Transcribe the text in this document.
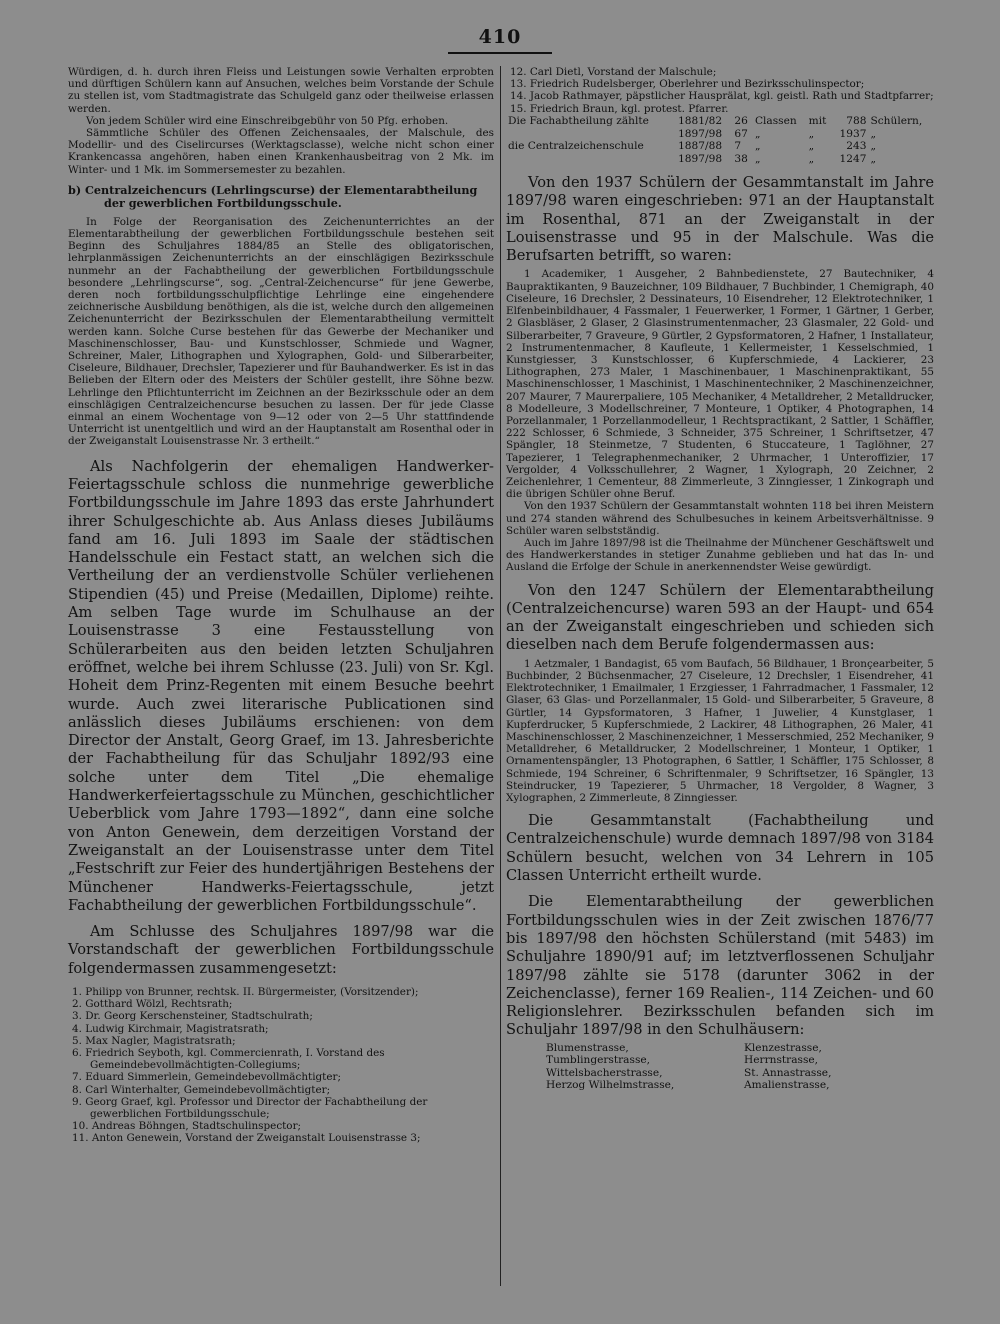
410

Würdigen, d. h. durch ihren Fleiss und Leistungen sowie Verhalten erprobten und dürftigen Schülern kann auf Ansuchen, welches beim Vorstande der Schule zu stellen ist, vom Stadtmagistrate das Schulgeld ganz oder theilweise erlassen werden.

Von jedem Schüler wird eine Einschreibgebühr von 50 Pfg. erhoben.

Sämmtliche Schüler des Offenen Zeichensaales, der Malschule, des Modellir- und des Ciselircurses (Werktagsclasse), welche nicht schon einer Krankencassa angehören, haben einen Krankenhausbeitrag von 2 Mk. im Winter- und 1 Mk. im Sommersemester zu bezahlen.

b) Centralzeichencurs (Lehrlingscurse) der Elementarabtheilung
der gewerblichen Fortbildungsschule.

In Folge der Reorganisation des Zeichenunterrichtes an der Elementarabtheilung der gewerblichen Fortbildungsschule bestehen seit Beginn des Schuljahres 1884/85 an Stelle des obligatorischen, lehrplanmässigen Zeichenunterrichts an der einschlägigen Bezirksschule nunmehr an der Fachabtheilung der gewerblichen Fortbildungsschule besondere „Lehrlingscurse“, sog. „Central-Zeichencurse“ für jene Gewerbe, deren noch fortbildungsschulpflichtige Lehrlinge eine eingehendere zeichnerische Ausbildung benöthigen, als die ist, welche durch den allgemeinen Zeichenunterricht der Bezirksschulen der Elementarabtheilung vermittelt werden kann. Solche Curse bestehen für das Gewerbe der Mechaniker und Maschinenschlosser, Bau- und Kunstschlosser, Schmiede und Wagner, Schreiner, Maler, Lithographen und Xylographen, Gold- und Silberarbeiter, Ciseleure, Bildhauer, Drechsler, Tapezierer und für Bauhandwerker. Es ist in das Belieben der Eltern oder des Meisters der Schüler gestellt, ihre Söhne bezw. Lehrlinge den Pflichtunterricht im Zeichnen an der Bezirksschule oder an dem einschlägigen Centralzeichencurse besuchen zu lassen. Der für jede Classe einmal an einem Wochentage von 9—12 oder von 2—5 Uhr stattfindende Unterricht ist unentgeltlich und wird an der Hauptanstalt am Rosenthal oder in der Zweiganstalt Louisenstrasse Nr. 3 ertheilt.“

Als Nachfolgerin der ehemaligen Handwerker-Feiertagsschule schloss die nunmehrige gewerbliche Fortbildungsschule im Jahre 1893 das erste Jahrhundert ihrer Schulgeschichte ab. Aus Anlass dieses Jubiläums fand am 16. Juli 1893 im Saale der städtischen Handelsschule ein Festact statt, an welchen sich die Vertheilung der an verdienstvolle Schüler verliehenen Stipendien (45) und Preise (Medaillen, Diplome) reihte. Am selben Tage wurde im Schulhause an der Louisenstrasse 3 eine Festausstellung von Schülerarbeiten aus den beiden letzten Schuljahren eröffnet, welche bei ihrem Schlusse (23. Juli) von Sr. Kgl. Hoheit dem Prinz-Regenten mit einem Besuche beehrt wurde. Auch zwei literarische Publicationen sind anlässlich dieses Jubiläums erschienen: von dem Director der Anstalt, Georg Graef, im 13. Jahresberichte der Fachabtheilung für das Schuljahr 1892/93 eine solche unter dem Titel „Die ehemalige Handwerkerfeiertagsschule zu München, geschichtlicher Ueberblick vom Jahre 1793—1892“, dann eine solche von Anton Genewein, dem derzeitigen Vorstand der Zweiganstalt an der Louisenstrasse unter dem Titel „Festschrift zur Feier des hundertjährigen Bestehens der Münchener Handwerks-Feiertagsschule, jetzt Fachabtheilung der gewerblichen Fortbildungsschule“.

Am Schlusse des Schuljahres 1897/98 war die Vorstandschaft der gewerblichen Fortbildungsschule folgendermassen zusammengesetzt:

1. Philipp von Brunner, rechtsk. II. Bürgermeister, (Vorsitzender);
2. Gotthard Wölzl, Rechtsrath;
3. Dr. Georg Kerschensteiner, Stadtschulrath;
4. Ludwig Kirchmair, Magistratsrath;
5. Max Nagler, Magistratsrath;
6. Friedrich Seyboth, kgl. Commercienrath, I. Vorstand des Gemeindebevollmächtigten-Collegiums;
7. Eduard Simmerlein, Gemeindebevollmächtigter;
8. Carl Winterhalter, Gemeindebevollmächtigter;
9. Georg Graef, kgl. Professor und Director der Fachabtheilung der gewerblichen Fortbildungsschule;
10. Andreas Böhngen, Stadtschulinspector;
11. Anton Genewein, Vorstand der Zweiganstalt Louisenstrasse 3;
12. Carl Dietl, Vorstand der Malschule;
13. Friedrich Rudelsberger, Oberlehrer und Bezirksschulinspector;
14. Jacob Rathmayer, päpstlicher Hausprälat, kgl. geistl. Rath und Stadtpfarrer;
15. Friedrich Braun, kgl. protest. Pfarrer.
Die Fachabtheilung zählte	1881/82	26	Classen	mit	788	Schülern,
	1897/98	67	„	„	1937	„
die Centralzeichenschule	1887/88	7	„	„	243	„
	1897/98	38	„	„	1247	„

Von den 1937 Schülern der Gesammtanstalt im Jahre 1897/98 waren eingeschrieben: 971 an der Hauptanstalt im Rosenthal, 871 an der Zweiganstalt in der Louisenstrasse und 95 in der Malschule. Was die Berufsarten betrifft, so waren:

1 Academiker, 1 Ausgeher, 2 Bahnbedienstete, 27 Bautechniker, 4 Baupraktikanten, 9 Bauzeichner, 109 Bildhauer, 7 Buchbinder, 1 Chemigraph, 40 Ciseleure, 16 Drechsler, 2 Dessinateurs, 10 Eisendreher, 12 Elektrotechniker, 1 Elfenbeinbildhauer, 4 Fassmaler, 1 Feuerwerker, 1 Former, 1 Gärtner, 1 Gerber, 2 Glasbläser, 2 Glaser, 2 Glasinstrumentenmacher, 23 Glasmaler, 22 Gold- und Silberarbeiter, 7 Graveure, 9 Gürtler, 2 Gypsformatoren, 2 Hafner, 1 Installateur, 2 Instrumentenmacher, 8 Kaufleute, 1 Kellermeister, 1 Kesselschmied, 1 Kunstgiesser, 3 Kunstschlosser, 6 Kupferschmiede, 4 Lackierer, 23 Lithographen, 273 Maler, 1 Maschinenbauer, 1 Maschinenpraktikant, 55 Maschinenschlosser, 1 Maschinist, 1 Maschinentechniker, 2 Maschinenzeichner, 207 Maurer, 7 Maurerpaliere, 105 Mechaniker, 4 Metalldreher, 2 Metalldrucker, 8 Modelleure, 3 Modellschreiner, 7 Monteure, 1 Optiker, 4 Photographen, 14 Porzellanmaler, 1 Porzellanmodelleur, 1 Rechtspractikant, 2 Sattler, 1 Schäffler, 222 Schlosser, 6 Schmiede, 3 Schneider, 375 Schreiner, 1 Schriftsetzer, 47 Spängler, 18 Steinmetze, 7 Studenten, 6 Stuccateure, 1 Taglöhner, 27 Tapezierer, 1 Telegraphenmechaniker, 2 Uhrmacher, 1 Unteroffizier, 17 Vergolder, 4 Volksschullehrer, 2 Wagner, 1 Xylograph, 20 Zeichner, 2 Zeichenlehrer, 1 Cementeur, 88 Zimmerleute, 3 Zinngiesser, 1 Zinkograph und die übrigen Schüler ohne Beruf.

Von den 1937 Schülern der Gesammtanstalt wohnten 118 bei ihren Meistern und 274 standen während des Schulbesuches in keinem Arbeitsverhältnisse. 9 Schüler waren selbstständig.

Auch im Jahre 1897/98 ist die Theilnahme der Münchener Geschäftswelt und des Handwerkerstandes in stetiger Zunahme geblieben und hat das In- und Ausland die Erfolge der Schule in anerkennendster Weise gewürdigt.

Von den 1247 Schülern der Elementarabtheilung (Centralzeichencurse) waren 593 an der Haupt- und 654 an der Zweiganstalt eingeschrieben und schieden sich dieselben nach dem Berufe folgendermassen aus:

1 Aetzmaler, 1 Bandagist, 65 vom Baufach, 56 Bildhauer, 1 Bronçearbeiter, 5 Buchbinder, 2 Büchsenmacher, 27 Ciseleure, 12 Drechsler, 1 Eisendreher, 41 Elektrotechniker, 1 Emailmaler, 1 Erzgiesser, 1 Fahrradmacher, 1 Fassmaler, 12 Glaser, 63 Glas- und Porzellanmaler, 15 Gold- und Silberarbeiter, 5 Graveure, 8 Gürtler, 14 Gypsformatoren, 3 Hafner, 1 Juwelier, 4 Kunstglaser, 1 Kupferdrucker, 5 Kupferschmiede, 2 Lackirer, 48 Lithographen, 26 Maler, 41 Maschinenschlosser, 2 Maschinenzeichner, 1 Messerschmied, 252 Mechaniker, 9 Metalldreher, 6 Metalldrucker, 2 Modellschreiner, 1 Monteur, 1 Optiker, 1 Ornamentenspängler, 13 Photographen, 6 Sattler, 1 Schäffler, 175 Schlosser, 8 Schmiede, 194 Schreiner, 6 Schriftenmaler, 9 Schriftsetzer, 16 Spängler, 13 Steindrucker, 19 Tapezierer, 5 Uhrmacher, 18 Vergolder, 8 Wagner, 3 Xylographen, 2 Zimmerleute, 8 Zinngiesser.

Die Gesammtanstalt (Fachabtheilung und Centralzeichenschule) wurde demnach 1897/98 von 3184 Schülern besucht, welchen von 34 Lehrern in 105 Classen Unterricht ertheilt wurde.

Die Elementarabtheilung der gewerblichen Fortbildungsschulen wies in der Zeit zwischen 1876/77 bis 1897/98 den höchsten Schülerstand (mit 5483) im Schuljahre 1890/91 auf; im letztverflossenen Schuljahr 1897/98 zählte sie 5178 (darunter 3062 in der Zeichenclasse), ferner 169 Realien-, 114 Zeichen- und 60 Religionslehrer. Bezirksschulen befanden sich im Schuljahr 1897/98 in den Schulhäusern:

Blumenstrasse,	Klenzestrasse,
Tumblingerstrasse,	Herrnstrasse,
Wittelsbacherstrasse,	St. Annastrasse,
Herzog Wilhelmstrasse,	Amalienstrasse,
